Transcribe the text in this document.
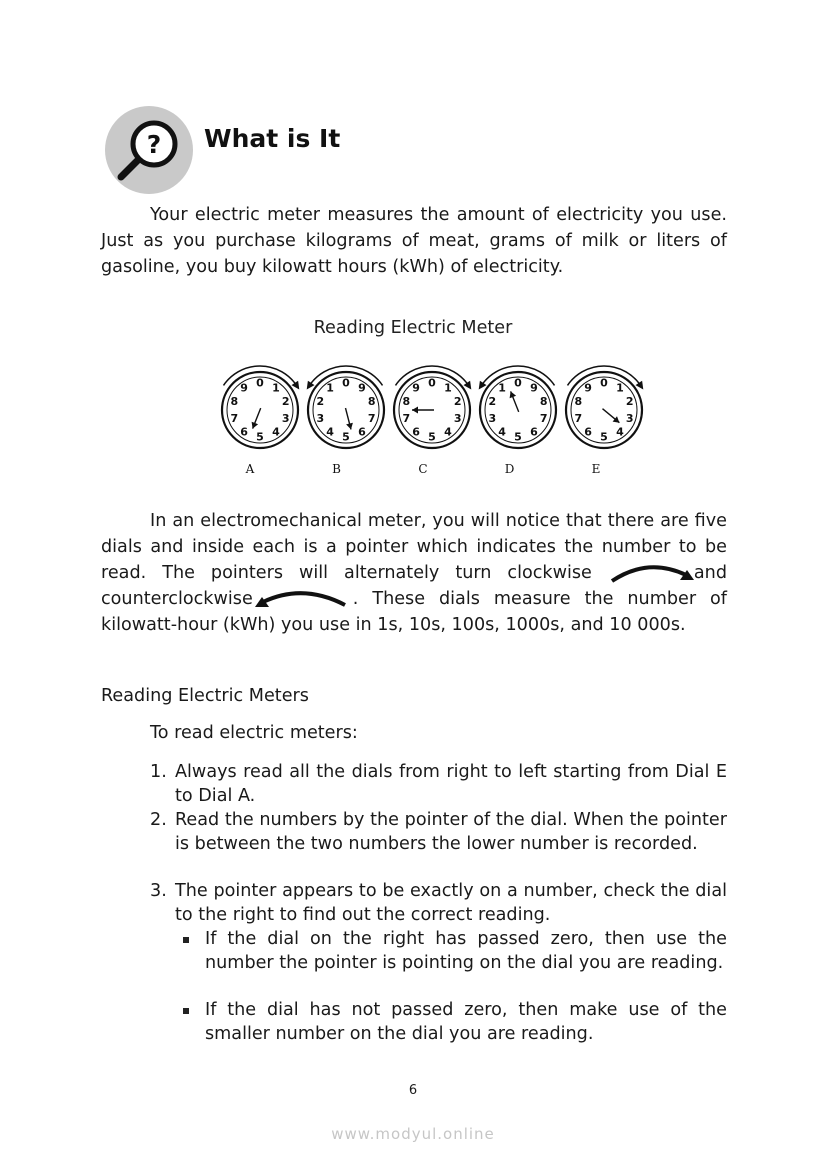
? What is It
Your electric meter measures the amount of electricity you use. Just as you purchase kilograms of meat, grams of milk or liters of gasoline, you buy kilowatt hours (kWh) of electricity.
Reading Electric Meter
0 1
2
3
4
5
6
7
8
9
A
0 9
8
7
6
5
4
3
2
1
B
0 1
2
3
4
5
6
7
8
9
C
0 9
8
7
6
5
4
3
2
1
D
0 1
2
3
4
5
6
7
8
9
E
In an electromechanical meter, you will notice that there are five dials and inside each is a pointer which indicates the number to be read. The pointers will alternately turn clockwise	and counterclockwise	. These dials measure the number of kilowatt-hour (kWh) you use in 1s, 10s, 100s, 1000s, and 10 000s.
Reading Electric Meters
To read electric meters:
1. Always read all the dials from right to left starting from Dial E to Dial A.
2. Read the numbers by the pointer of the dial. When the pointer is between the two numbers the lower number is recorded.
3. The pointer appears to be exactly on a number, check the dial to the right to find out the correct reading.
If the dial on the right has passed zero, then use the number the pointer is pointing on the dial you are reading.
If the dial has not passed zero, then make use of the smaller number on the dial you are reading.
6
www.modyul.online
